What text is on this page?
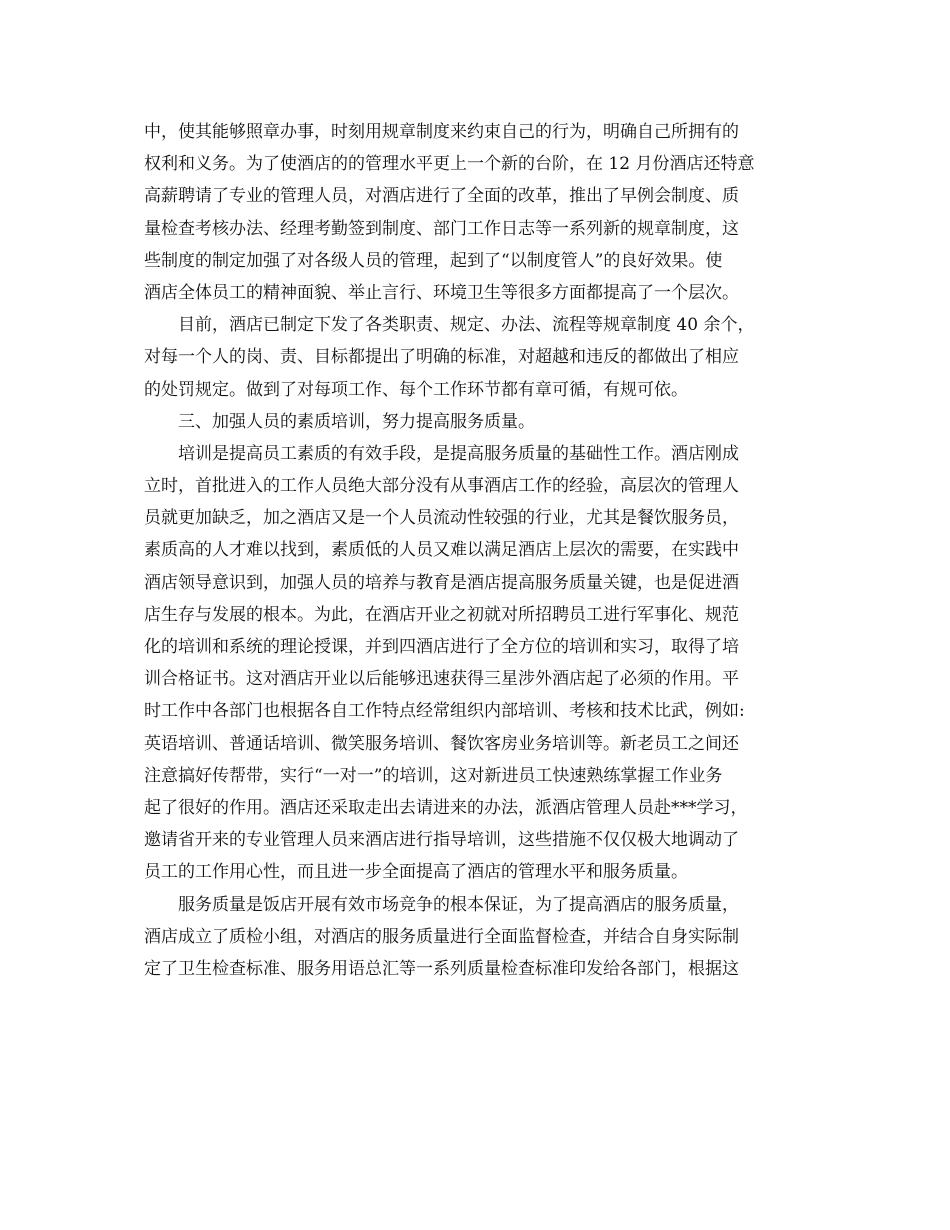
中，使其能够照章办事，时刻用规章制度来约束自己的行为，明确自己所拥有的
权利和义务。为了使酒店的的管理水平更上一个新的台阶，在 12 月份酒店还特意
高薪聘请了专业的管理人员，对酒店进行了全面的改革，推出了早例会制度、质
量检查考核办法、经理考勤签到制度、部门工作日志等一系列新的规章制度，这
些制度的制定加强了对各级人员的管理，起到了“以制度管人”的良好效果。使
酒店全体员工的精神面貌、举止言行、环境卫生等很多方面都提高了一个层次。
目前，酒店已制定下发了各类职责、规定、办法、流程等规章制度 40 余个，
对每一个人的岗、责、目标都提出了明确的标准，对超越和违反的都做出了相应
的处罚规定。做到了对每项工作、每个工作环节都有章可循，有规可依。
三、加强人员的素质培训，努力提高服务质量。
培训是提高员工素质的有效手段，是提高服务质量的基础性工作。酒店刚成
立时，首批进入的工作人员绝大部分没有从事酒店工作的经验，高层次的管理人
员就更加缺乏，加之酒店又是一个人员流动性较强的行业，尤其是餐饮服务员，
素质高的人才难以找到，素质低的人员又难以满足酒店上层次的需要，在实践中
酒店领导意识到，加强人员的培养与教育是酒店提高服务质量关键，也是促进酒
店生存与发展的根本。为此，在酒店开业之初就对所招聘员工进行军事化、规范
化的培训和系统的理论授课，并到四酒店进行了全方位的培训和实习，取得了培
训合格证书。这对酒店开业以后能够迅速获得三星涉外酒店起了必须的作用。平
时工作中各部门也根据各自工作特点经常组织内部培训、考核和技术比武，例如:
英语培训、普通话培训、微笑服务培训、餐饮客房业务培训等。新老员工之间还
注意搞好传帮带，实行“一对一”的培训，这对新进员工快速熟练掌握工作业务
起了很好的作用。酒店还采取走出去请进来的办法，派酒店管理人员赴***学习，
邀请省开来的专业管理人员来酒店进行指导培训，这些措施不仅仅极大地调动了
员工的工作用心性，而且进一步全面提高了酒店的管理水平和服务质量。
服务质量是饭店开展有效市场竞争的根本保证，为了提高酒店的服务质量，
酒店成立了质检小组，对酒店的服务质量进行全面监督检查，并结合自身实际制
定了卫生检查标准、服务用语总汇等一系列质量检查标准印发给各部门，根据这
